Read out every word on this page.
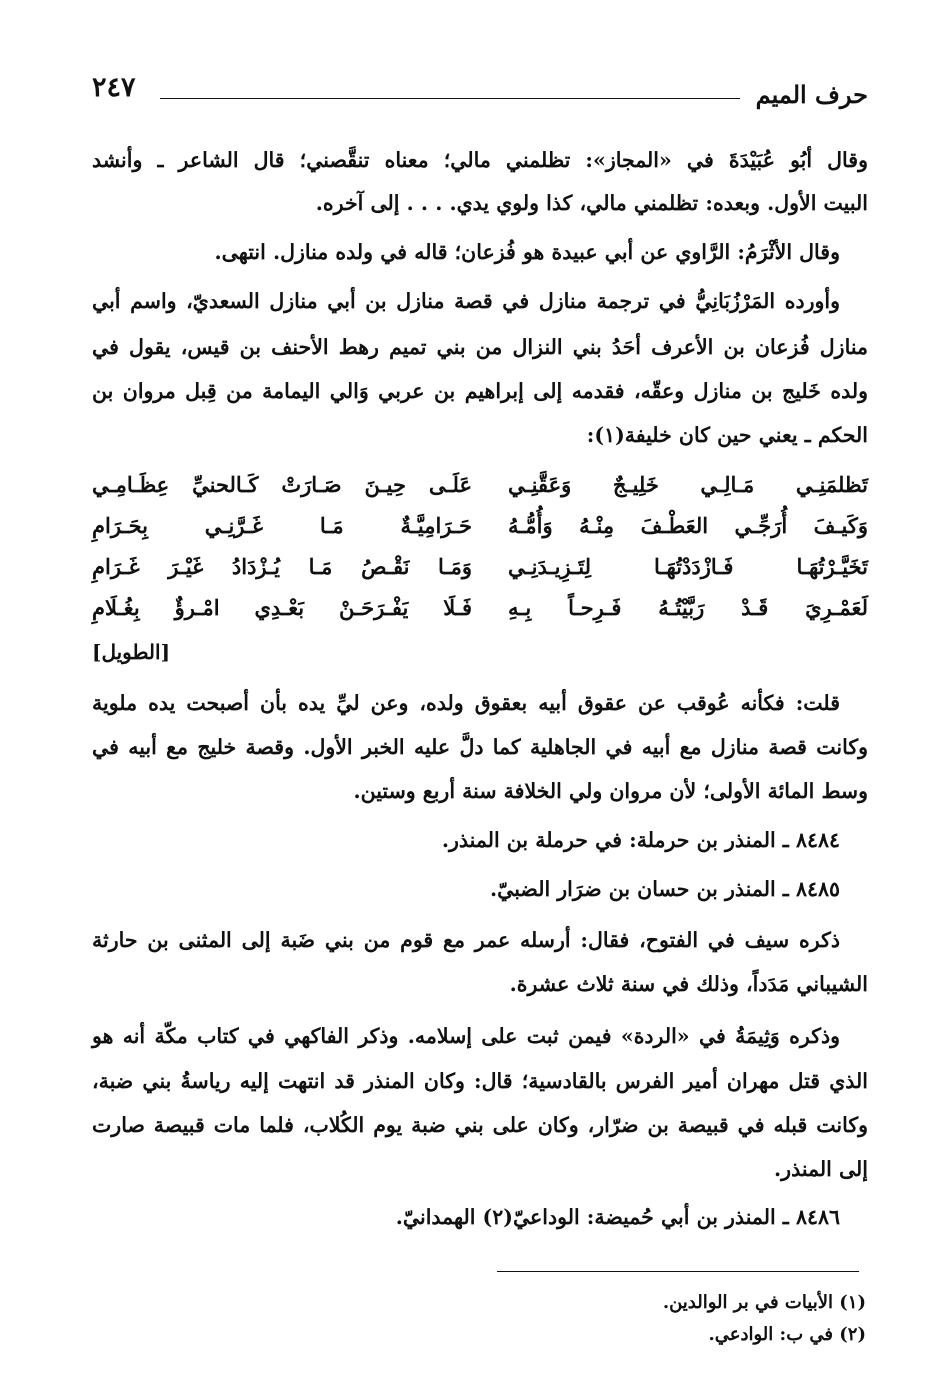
حرف الميم
٢٤٧
وقال أبُو عُبَيْدَةَ في «المجاز»: تظلمني مالي؛ معناه تنقَّصني؛ قال الشاعر ـ وأنشد
البيت الأول. وبعده: تظلمني مالي، كذا ولوي يدي. . . . إلى آخره.
وقال الأثْرَمُ: الرَّاوي عن أبي عبيدة هو فُزعان؛ قاله في ولده منازل. انتهى.
وأورده المَرْزُبَانِيُّ في ترجمة منازل في قصة منازل بن أبي منازل السعديّ، واسم أبي
منازل فُزعان بن الأعرف أحَدُ بني النزال من بني تميم رهط الأحنف بن قيس، يقول في
ولده خَليج بن منازل وعقّه، فقدمه إلى إبراهيم بن عربي وَالي اليمامة من قِبل مروان بن
الحكم ـ يعني حين كان خليفة(١):
تَظلمَنِـي مَـالِـي خَلِيـجٌ وَعَقَّنِـي
عَلَـى حِيـنَ صَـارَتْ كَـالحنيِّ عِظَـامِـي
وَكَيـفَ أُرَجِّـي العَطْـفَ مِنْـهُ وَأُمُّـهُ
حَـرَامِيَّـةٌ مَـا غَـرَّنِـي بِحَـرَامِ
تَخَيَّـرْتُهَـا فَـازْدَدْتُهَـا لِتَـزِيـدَنِـي
وَمَـا نَقْـصُ مَـا يُـزْدَادُ غَيْـرَ غَـرَامِ
لَعَمْـرِيَ قَـدْ رَبَّيْتُـهُ فَـرِحـاً بِـهِ
فَـلَا يَفْـرَحَـنْ بَعْـدِي امْـرؤٌ بِغُـلَامِ
[الطويل]
قلت: فكأنه عُوقب عن عقوق أبيه بعقوق ولده، وعن ليِّ يده بأن أصبحت يده ملوية
وكانت قصة منازل مع أبيه في الجاهلية كما دلَّ عليه الخبر الأول. وقصة خليج مع أبيه في
وسط المائة الأولى؛ لأن مروان ولي الخلافة سنة أربع وستين.
٨٤٨٤ ـ المنذر بن حرملة: في حرملة بن المنذر.
٨٤٨٥ ـ المنذر بن حسان بن ضرَار الضبيّ.
ذكره سيف في الفتوح، فقال: أرسله عمر مع قوم من بني ضَبة إلى المثنى بن حارثة
الشيباني مَدَداً، وذلك في سنة ثلاث عشرة.
وذكره وَثِيمَةُ في «الردة» فيمن ثبت على إسلامه. وذكر الفاكهي في كتاب مكّة أنه هو
الذي قتل مهران أمير الفرس بالقادسية؛ قال: وكان المنذر قد انتهت إليه رياسةُ بني ضبة،
وكانت قبله في قبيصة بن ضرّار، وكان على بني ضبة يوم الكُلاب، فلما مات قبيصة صارت
إلى المنذر.
٨٤٨٦ ـ المنذر بن أبي حُميضة: الوداعيّ(٢) الهمدانيّ.
(١) الأبيات في بر الوالدين.
(٢) في ب: الوادعي.
